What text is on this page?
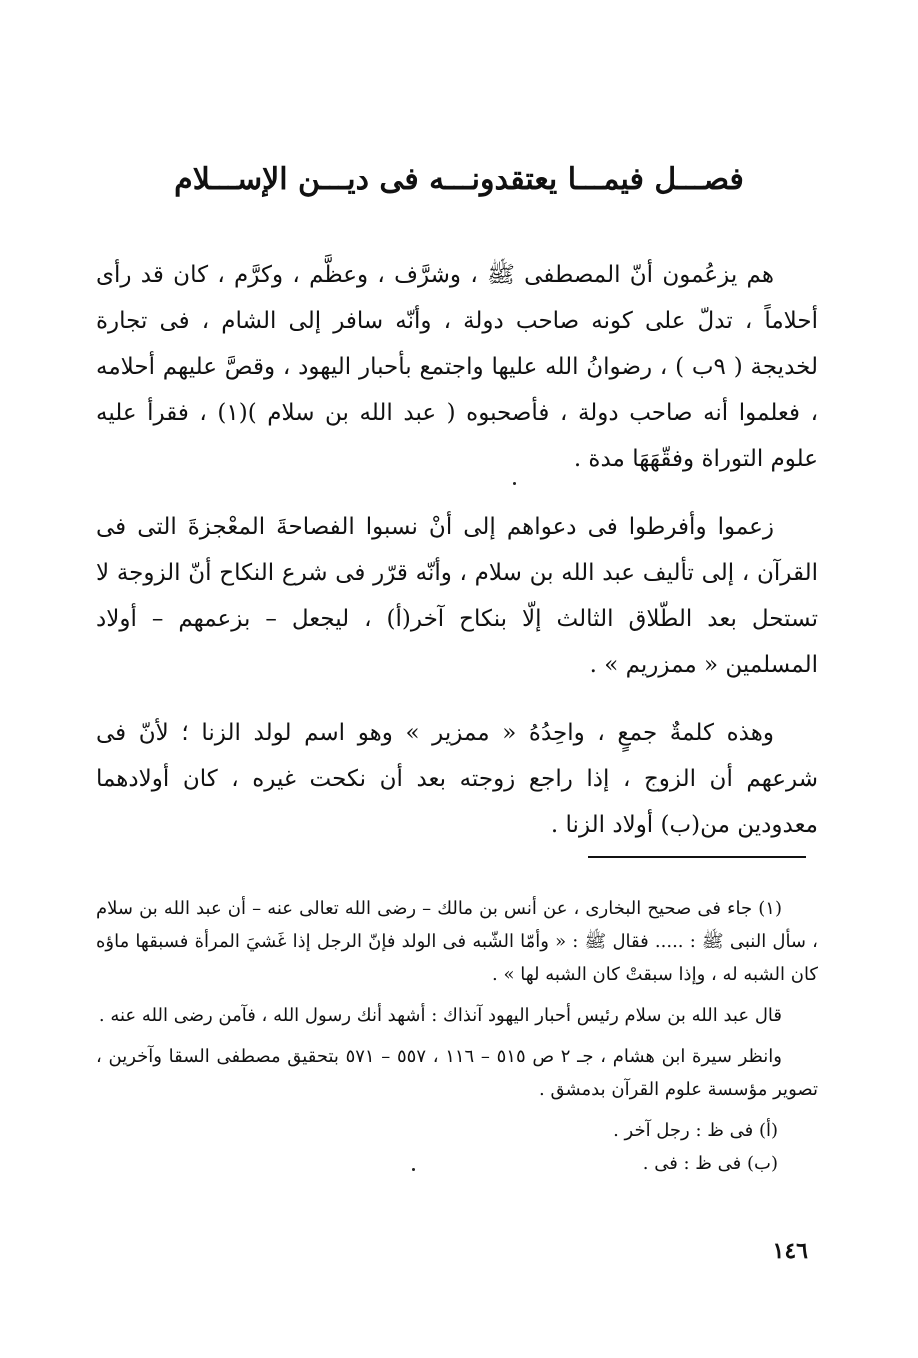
فصـــل فيمـــا يعتقدونـــه فى ديـــن الإســـلام

هم يزعُمون أنّ المصطفى ﷺ ، وشرَّف ، وعظَّم ، وكرَّم ، كان قد رأى أحلاماً ، تدلّ على كونه صاحب دولة ، وأنّه سافر إلى الشام ، فى تجارة لخديجة ( ٩ب ) ، رضوانُ الله عليها واجتمع بأحبار اليهود ، وقصَّ عليهم أحلامه ، فعلموا أنه صاحب دولة ، فأصحبوه ( عبد الله بن سلام )(١) ، فقرأ عليه علوم التوراة وفقّهَهَا مدة .

زعموا وأفرطوا فى دعواهم إلى أنْ نسبوا الفصاحةَ المعْجزةَ التى فى القرآن ، إلى تأليف عبد الله بن سلام ، وأنّه قرّر فى شرع النكاح أنّ الزوجة لا تستحل بعد الطّلاق الثالث إلّا بنكاح آخر(أ) ، ليجعل – بزعمهم – أولاد المسلمين « ممزريم » .

وهذه كلمةٌ جمعٍ ، واحِدُهُ « ممزير » وهو اسم لولد الزنا ؛ لأنّ فى شرعهم أن الزوج ، إذا راجع زوجته بعد أن نكحت غيره ، كان أولادهما معدودين من(ب) أولاد الزنا .

(١) جاء فى صحيح البخارى ، عن أنس بن مالك – رضى الله تعالى عنه – أن عبد الله بن سلام ، سأل النبى ﷺ : ..... فقال ﷺ : « وأمّا الشّبه فى الولد فإنّ الرجل إذا غَشيَ المرأة فسبقها ماؤه كان الشبه له ، وإذا سبقتْ كان الشبه لها » .

قال عبد الله بن سلام رئيس أحبار اليهود آنذاك : أشهد أنك رسول الله ، فآمن رضى الله عنه .

وانظر سيرة ابن هشام ، جـ ٢ ص ٥١٥ – ١١٦ ، ٥٥٧ – ٥٧١ بتحقيق مصطفى السقا وآخرين ، تصوير مؤسسة علوم القرآن بدمشق .

(أ) فى ظ : رجل آخر .

(ب) فى ظ : فى .

١٤٦
